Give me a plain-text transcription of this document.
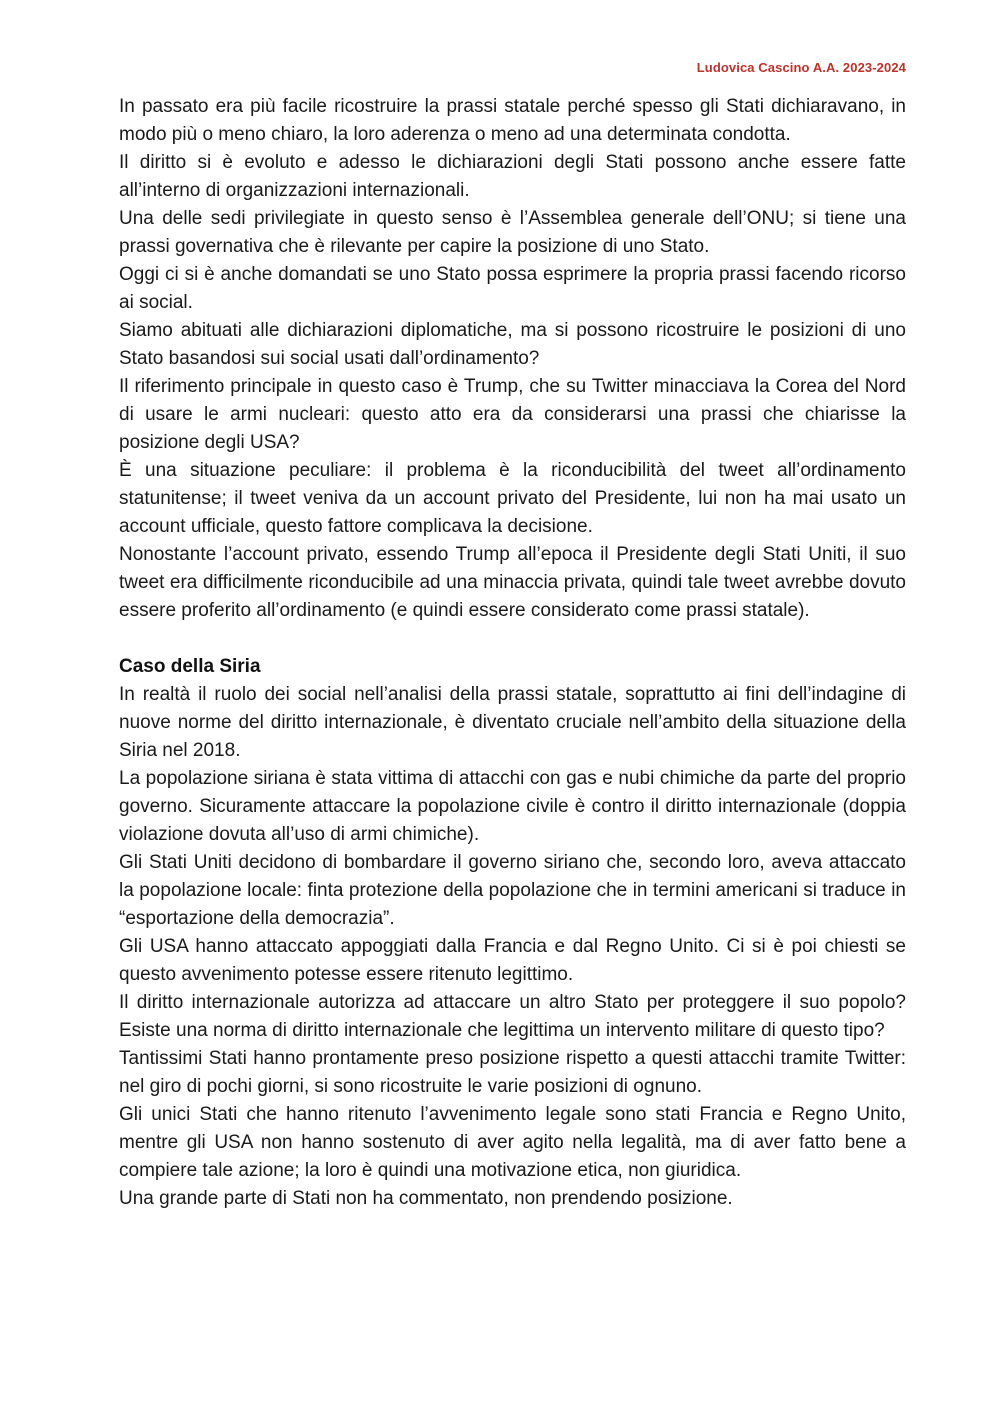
Ludovica Cascino A.A. 2023-2024

In passato era più facile ricostruire la prassi statale perché spesso gli Stati dichiaravano, in modo più o meno chiaro, la loro aderenza o meno ad una determinata condotta.

Il diritto si è evoluto e adesso le dichiarazioni degli Stati possono anche essere fatte all’interno di organizzazioni internazionali.

Una delle sedi privilegiate in questo senso è l’Assemblea generale dell’ONU; si tiene una prassi governativa che è rilevante per capire la posizione di uno Stato.

Oggi ci si è anche domandati se uno Stato possa esprimere la propria prassi facendo ricorso ai social.

Siamo abituati alle dichiarazioni diplomatiche, ma si possono ricostruire le posizioni di uno Stato basandosi sui social usati dall’ordinamento?

Il riferimento principale in questo caso è Trump, che su Twitter minacciava la Corea del Nord di usare le armi nucleari: questo atto era da considerarsi una prassi che chiarisse la posizione degli USA?

È una situazione peculiare: il problema è la riconducibilità del tweet all’ordinamento statunitense; il tweet veniva da un account privato del Presidente, lui non ha mai usato un account ufficiale, questo fattore complicava la decisione.

Nonostante l’account privato, essendo Trump all’epoca il Presidente degli Stati Uniti, il suo tweet era difficilmente riconducibile ad una minaccia privata, quindi tale tweet avrebbe dovuto essere proferito all’ordinamento (e quindi essere considerato come prassi statale).

Caso della Siria

In realtà il ruolo dei social nell’analisi della prassi statale, soprattutto ai fini dell’indagine di nuove norme del diritto internazionale, è diventato cruciale nell’ambito della situazione della Siria nel 2018.

La popolazione siriana è stata vittima di attacchi con gas e nubi chimiche da parte del proprio governo. Sicuramente attaccare la popolazione civile è contro il diritto internazionale (doppia violazione dovuta all’uso di armi chimiche).

Gli Stati Uniti decidono di bombardare il governo siriano che, secondo loro, aveva attaccato la popolazione locale: finta protezione della popolazione che in termini americani si traduce in “esportazione della democrazia”.

Gli USA hanno attaccato appoggiati dalla Francia e dal Regno Unito. Ci si è poi chiesti se questo avvenimento potesse essere ritenuto legittimo.

Il diritto internazionale autorizza ad attaccare un altro Stato per proteggere il suo popolo? Esiste una norma di diritto internazionale che legittima un intervento militare di questo tipo?

Tantissimi Stati hanno prontamente preso posizione rispetto a questi attacchi tramite Twitter: nel giro di pochi giorni, si sono ricostruite le varie posizioni di ognuno.

Gli unici Stati che hanno ritenuto l’avvenimento legale sono stati Francia e Regno Unito, mentre gli USA non hanno sostenuto di aver agito nella legalità, ma di aver fatto bene a compiere tale azione; la loro è quindi una motivazione etica, non giuridica.

Una grande parte di Stati non ha commentato, non prendendo posizione.
